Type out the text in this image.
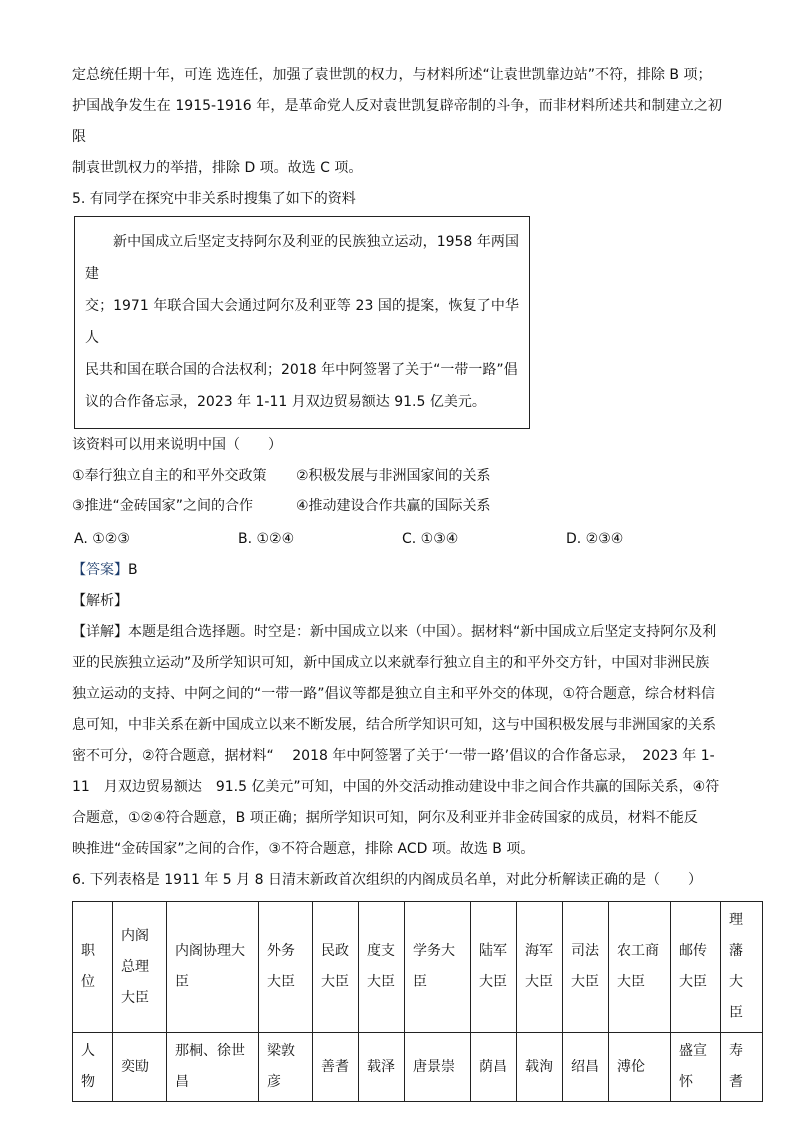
定总统任期十年，可连 选连任，加强了袁世凯的权力，与材料所述“让袁世凯靠边站”不符，排除 B 项；

护国战争发生在 1915-1916 年，是革命党人反对袁世凯复辟帝制的斗争，而非材料所述共和制建立之初限

制袁世凯权力的举措，排除 D 项。故选 C 项。

5. 有同学在探究中非关系时搜集了如下的资料

新中国成立后坚定支持阿尔及利亚的民族独立运动，1958 年两国建

交；1971 年联合国大会通过阿尔及利亚等 23 国的提案，恢复了中华人

民共和国在联合国的合法权利；2018 年中阿签署了关于“一带一路”倡

议的合作备忘录，2023 年 1-11 月双边贸易额达 91.5 亿美元。

该资料可以用来说明中国（　　）

①奉行独立自主的和平外交政策	②积极发展与非洲国家间的关系
③推进“金砖国家”之间的合作	④推动建设合作共赢的国际关系
A. ①②③	B. ①②④	C. ①③④	D. ②③④

【答案】B

【解析】

【详解】本题是组合选择题。时空是：新中国成立以来（中国）。据材料“新中国成立后坚定支持阿尔及利

亚的民族独立运动”及所学知识可知，新中国成立以来就奉行独立自主的和平外交方针，中国对非洲民族

独立运动的支持、中阿之间的“一带一路”倡议等都是独立自主和平外交的体现，①符合题意，综合材料信

息可知，中非关系在新中国成立以来不断发展，结合所学知识可知，这与中国积极发展与非洲国家的关系

密不可分，②符合题意，据材料“　 2018 年中阿签署了关于‘一带一路’倡议的合作备忘录，　2023 年 1-

11　月双边贸易额达　91.5 亿美元”可知，中国的外交活动推动建设中非之间合作共赢的国际关系，④符

合题意，①②④符合题意，B 项正确；据所学知识可知，阿尔及利亚并非金砖国家的成员，材料不能反

映推进“金砖国家”之间的合作，③不符合题意，排除 ACD 项。故选 B 项。

6. 下列表格是 1911 年 5 月 8 日清末新政首次组织的内阁成员名单，对此分析解读正确的是（　　）

职位	内阁总理大臣	内阁协理大臣	外务大臣	民政大臣	度支大臣	学务大臣	陆军大臣	海军大臣	司法大臣	农工商大臣	邮传大臣	理藩大臣
人物	奕劻	那桐、徐世昌	梁敦彦	善耆	载泽	唐景崇	荫昌	载洵	绍昌	溥伦	盛宣怀	寿耆
